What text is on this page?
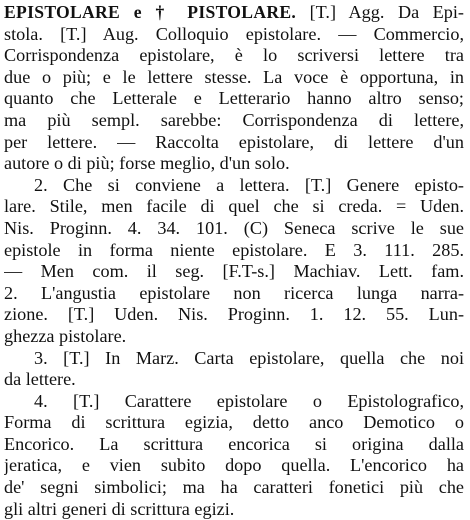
EPISTOLARE e † PISTOLARE. [T.] Agg. Da Epi-
stola. [T.] Aug. Colloquio epistolare. — Commercio,
Corrispondenza epistolare, è lo scriversi lettere tra
due o più; e le lettere stesse. La voce è opportuna, in
quanto che Letterale e Letterario hanno altro senso;
ma più sempl. sarebbe: Corrispondenza di lettere,
per lettere. — Raccolta epistolare, di lettere d'un
autore o di più; forse meglio, d'un solo.
2. Che si conviene a lettera. [T.] Genere episto-
lare. Stile, men facile di quel che si creda. = Uden.
Nis. Proginn. 4. 34. 101. (C) Seneca scrive le sue
epistole in forma niente epistolare. E 3. 111. 285.
— Men com. il seg. [F.T-s.] Machiav. Lett. fam.
2. L'angustia epistolare non ricerca lunga narra-
zione. [T.] Uden. Nis. Proginn. 1. 12. 55. Lun-
ghezza pistolare.
3. [T.] In Marz. Carta epistolare, quella che noi
da lettere.
4. [T.] Carattere epistolare o Epistolografico,
Forma di scrittura egizia, detto anco Demotico o
Encorico. La scrittura encorica si origina dalla
jeratica, e vien subito dopo quella. L'encorico ha
de' segni simbolici; ma ha caratteri fonetici più che
gli altri generi di scrittura egizi.
